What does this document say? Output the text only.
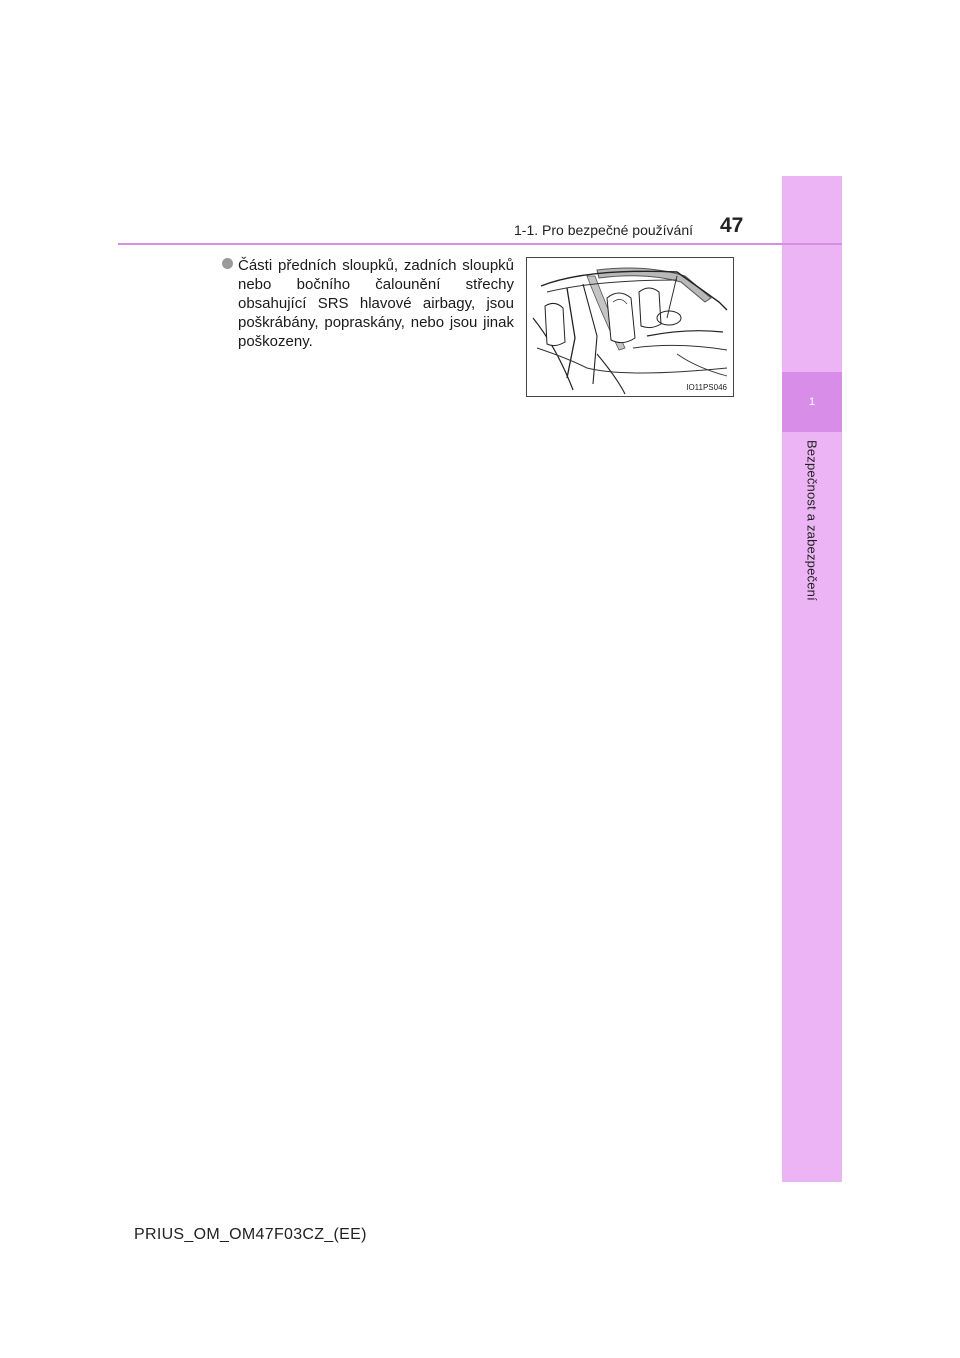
1
Bezpečnost a zabezpečení
1-1. Pro bezpečné používání 47
Části předních sloupků, zadních sloupků nebo bočního čalounění střechy obsahující SRS hlavové airbagy, jsou poškrábány, popraskány, nebo jsou jinak poškozeny.
IO11PS046
PRIUS_OM_OM47F03CZ_(EE)
